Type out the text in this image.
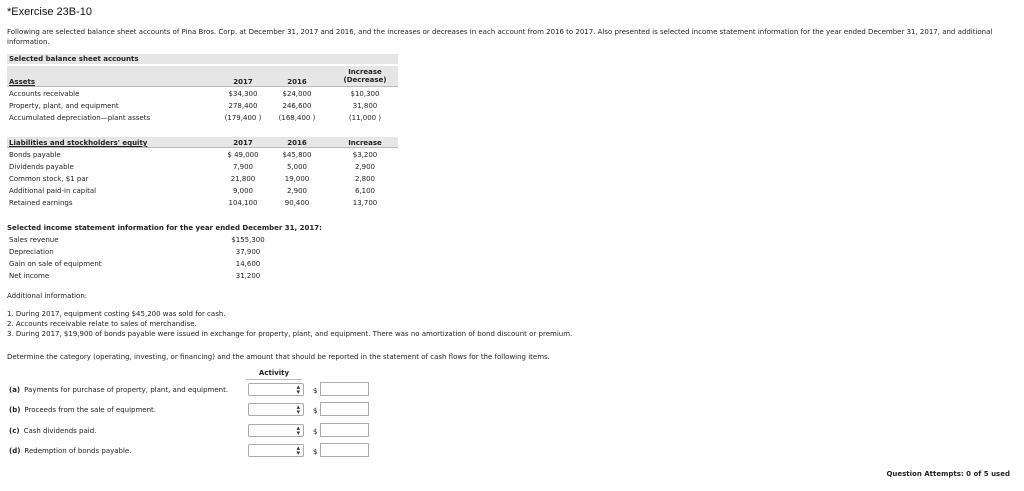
*Exercise 23B-10
Following are selected balance sheet accounts of Pina Bros. Corp. at December 31, 2017 and 2016, and the increases or decreases in each account from 2016 to 2017. Also presented is selected income statement information for the year ended December 31, 2017, and additional information.
Selected balance sheet accounts
Assets	2017	2016
Increase
(Decrease)
Accounts receivable	$34,300	$24,000	$10,300
Property, plant, and equipment	278,400	246,600	31,800
Accumulated depreciation—plant assets	(179,400 )	(168,400 )	(11,000 )
Liabilities and stockholders' equity	2017	2016	Increase
Bonds payable	$ 49,000	$45,800	$3,200
Dividends payable	7,900	5,000	2,900
Common stock, $1 par	21,800	19,000	2,800
Additional paid-in capital	9,000	2,900	6,100
Retained earnings	104,100	90,400	13,700
Selected income statement information for the year ended December 31, 2017:
Sales revenue	$155,300
Depreciation	37,900
Gain on sale of equipment	14,600
Net income	31,200
Additional information:
1. During 2017, equipment costing $45,200 was sold for cash.
2. Accounts receivable relate to sales of merchandise.
3. During 2017, $19,900 of bonds payable were issued in exchange for property, plant, and equipment. There was no amortization of bond discount or premium.
Determine the category (operating, investing, or financing) and the amount that should be reported in the statement of cash flows for the following items.
Activity
(a) Payments for purchase of property, plant, and equipment.	▴
▾ $
(b) Proceeds from the sale of equipment.	▴
▾ $
(c) Cash dividends paid.	▴
▾ $
(d) Redemption of bonds payable.	▴
▾ $
Question Attempts: 0 of 5 used
